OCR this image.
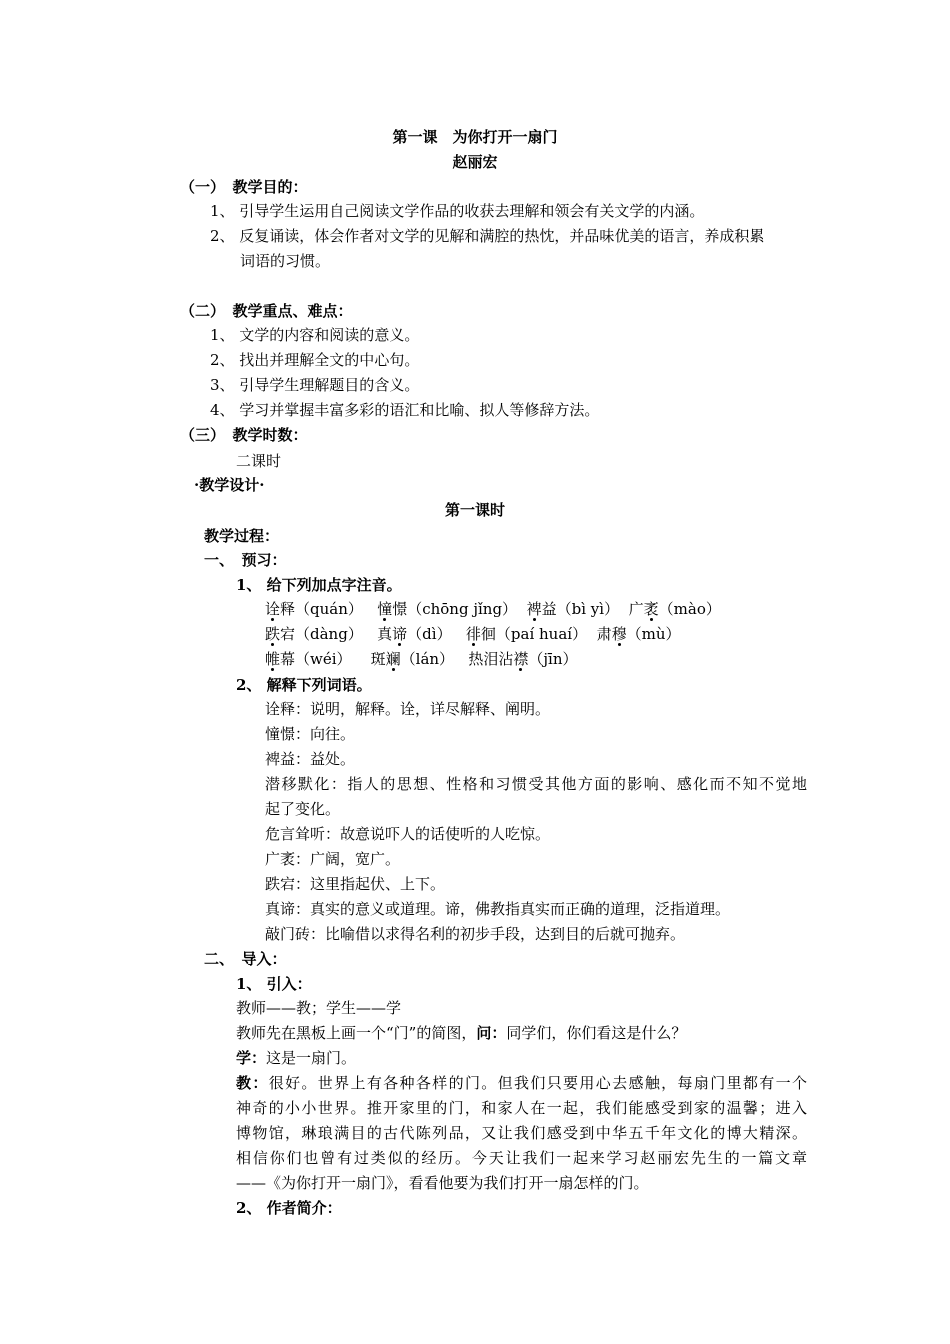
第一课　为你打开一扇门
赵丽宏
（一）　教学目的：
1、 引导学生运用自己阅读文学作品的收获去理解和领会有关文学的内涵。
2、 反复诵读，体会作者对文学的见解和满腔的热忱，并品味优美的语言，养成积累
词语的习惯。
（二）　教学重点、难点：
1、 文学的内容和阅读的意义。
2、 找出并理解全文的中心句。
3、 引导学生理解题目的含义。
4、 学习并掌握丰富多彩的语汇和比喻、拟人等修辞方法。
（三）　教学时数：
二课时
·教学设计·
第一课时
教学过程：
一、　预习：
1、 给下列加点字注音。
诠释（quán） 憧憬（chōng jǐng） 裨益（bì yì） 广袤（mào）
跌宕（dàng） 真谛（dì） 徘徊（paí huaí） 肃穆（mù）
帷幕（wéi） 斑斓（lán） 热泪沾襟（jīn）
2、 解释下列词语。
诠释：说明，解释。诠，详尽解释、阐明。
憧憬：向往。
裨益：益处。
潜移默化：指人的思想、性格和习惯受其他方面的影响、感化而不知不觉地
起了变化。
危言耸听：故意说吓人的话使听的人吃惊。
广袤：广阔，宽广。
跌宕：这里指起伏、上下。
真谛：真实的意义或道理。谛，佛教指真实而正确的道理，泛指道理。
敲门砖：比喻借以求得名利的初步手段，达到目的后就可抛弃。
二、　导入：
1、 引入：
教师——教；学生——学
教师先在黑板上画一个“门”的简图，问：同学们，你们看这是什么？
学：这是一扇门。
教：很好。世界上有各种各样的门。但我们只要用心去感触，每扇门里都有一个
神奇的小小世界。推开家里的门，和家人在一起，我们能感受到家的温馨；进入
博物馆，琳琅满目的古代陈列品，又让我们感受到中华五千年文化的博大精深。
相信你们也曾有过类似的经历。今天让我们一起来学习赵丽宏先生的一篇文章
——《为你打开一扇门》，看看他要为我们打开一扇怎样的门。
2、 作者简介：
